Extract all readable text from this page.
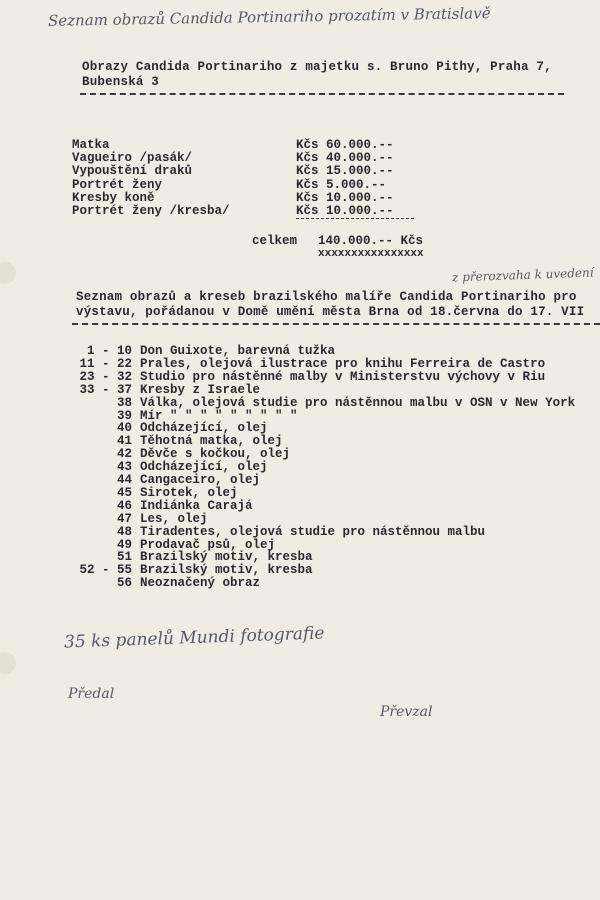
Seznam obrazů Candida Portinariho prozatím v Bratislavě
Obrazy Candida Portinariho z majetku s. Bruno Pithy, Praha 7,
Bubenská 3
Matka	Kčs 60.000.--
Vagueiro /pasák/	Kčs 40.000.--
Vypouštění draků	Kčs 15.000.--
Portrét ženy	Kčs 5.000.--
Kresby koně	Kčs 10.000.--
Portrét ženy /kresba/	Kčs 10.000.--
celkem 140.000.-- Kčs
xxxxxxxxxxxxxxxx
z přerozvaha k uvedení
Seznam obrazů a kreseb brazilského malíře Candida Portinariho pro
výstavu, pořádanou v Domě umění města Brna od 18.června do 17. VII
1 - 10 Don Guixote, barevná tužka
11 - 22 Prales, olejová ilustrace pro knihu Ferreira de Castro
23 - 32 Studio pro nástěnné malby v Ministerstvu výchovy v Riu
33 - 37 Kresby z Israele
38 Válka, olejová studie pro nástěnnou malbu v OSN v New York
39 Mír " " " " " " " " "
40 Odcházející, olej
41 Těhotná matka, olej
42 Děvče s kočkou, olej
43 Odcházející, olej
44 Cangaceiro, olej
45 Sirotek, olej
46 Indiánka Carajá
47 Les, olej
48 Tiradentes, olejová studie pro nástěnnou malbu
49 Prodavač psů, olej
51 Brazilský motiv, kresba
52 - 55 Brazilský motiv, kresba
56 Neoznačený obraz
35 ks panelů Mundi fotografie
Předal
Převzal
